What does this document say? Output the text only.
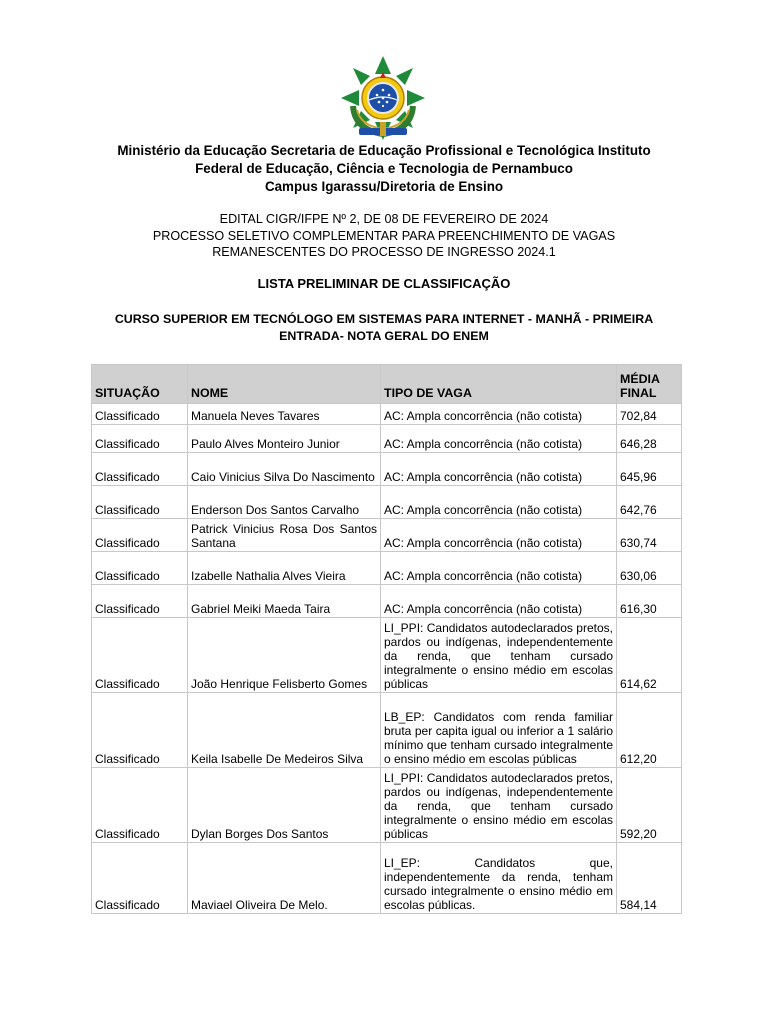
Ministério da Educação Secretaria de Educação Profissional e Tecnológica Instituto
Federal de Educação, Ciência e Tecnologia de Pernambuco
Campus Igarassu/Diretoria de Ensino
EDITAL CIGR/IFPE Nº 2, DE 08 DE FEVEREIRO DE 2024
PROCESSO SELETIVO COMPLEMENTAR PARA PREENCHIMENTO DE VAGAS
REMANESCENTES DO PROCESSO DE INGRESSO 2024.1
LISTA PRELIMINAR DE CLASSIFICAÇÃO
CURSO SUPERIOR EM TECNÓLOGO EM SISTEMAS PARA INTERNET - MANHÃ - PRIMEIRA
ENTRADA- NOTA GERAL DO ENEM
SITUAÇÃO	NOME	TIPO DE VAGA	MÉDIA
FINAL

Classificado	Manuela Neves Tavares	AC: Ampla concorrência (não cotista)	702,84
Classificado	Paulo Alves Monteiro Junior	AC: Ampla concorrência (não cotista)	646,28
Classificado	Caio Vinicius Silva Do Nascimento	AC: Ampla concorrência (não cotista)	645,96
Classificado	Enderson Dos Santos Carvalho	AC: Ampla concorrência (não cotista)	642,76
Classificado	Patrick Vinicius Rosa Dos Santos Santana	AC: Ampla concorrência (não cotista)	630,74
Classificado	Izabelle Nathalia Alves Vieira	AC: Ampla concorrência (não cotista)	630,06
Classificado	Gabriel Meiki Maeda Taira	AC: Ampla concorrência (não cotista)	616,30
Classificado	João Henrique Felisberto Gomes	LI_PPI: Candidatos autodeclarados pretos, pardos ou indígenas, independentemente da renda, que tenham cursado integralmente o ensino médio em escolas públicas	614,62
Classificado	Keila Isabelle De Medeiros Silva	LB_EP: Candidatos com renda familiar bruta per capita igual ou inferior a 1 salário mínimo que tenham cursado integralmente o ensino médio em escolas públicas	612,20
Classificado	Dylan Borges Dos Santos	LI_PPI: Candidatos autodeclarados pretos, pardos ou indígenas, independentemente da renda, que tenham cursado integralmente o ensino médio em escolas públicas	592,20
Classificado	Maviael Oliveira De Melo.	LI_EP: Candidatos que, independentemente da renda, tenham cursado integralmente o ensino médio em escolas públicas.	584,14
